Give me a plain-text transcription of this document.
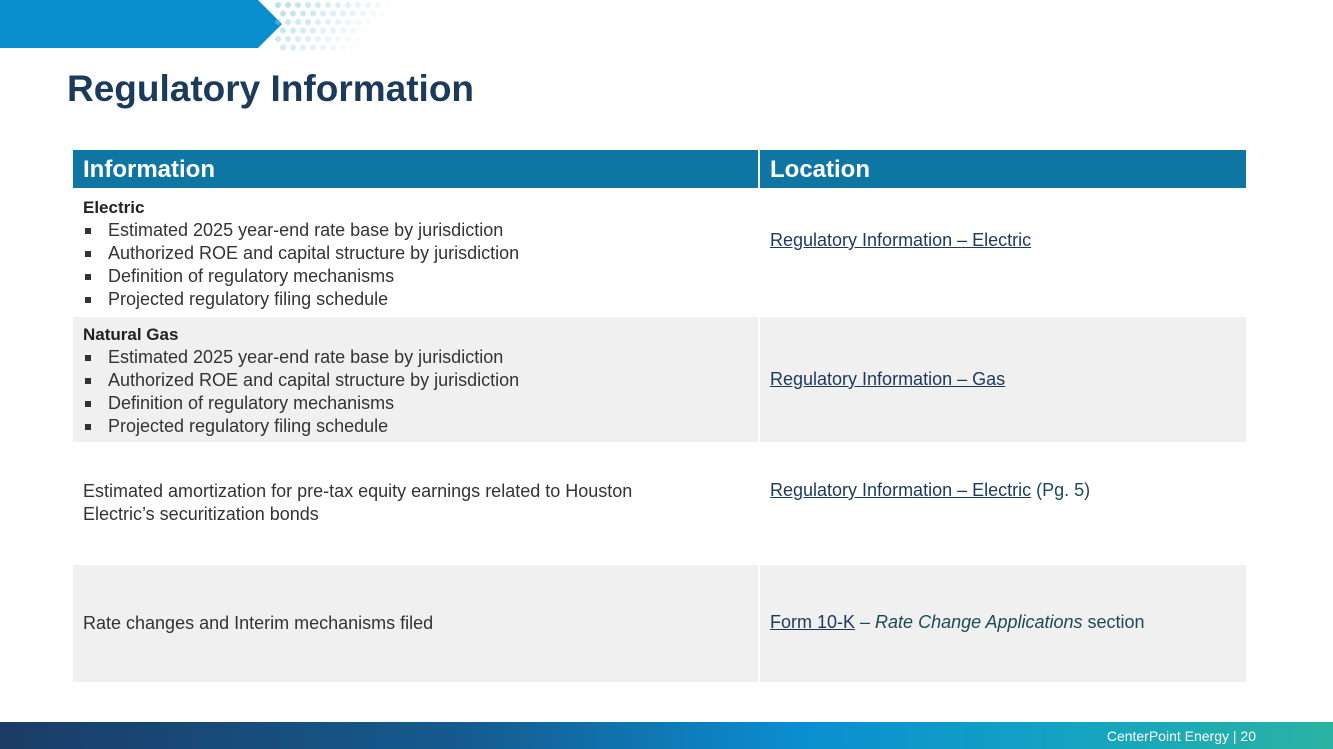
Regulatory Information
Information	Location
Electric
Estimated 2025 year-end rate base by jurisdiction
Authorized ROE and capital structure by jurisdiction
Definition of regulatory mechanisms
Projected regulatory filing schedule
Regulatory Information – Electric
Natural Gas
Estimated 2025 year-end rate base by jurisdiction
Authorized ROE and capital structure by jurisdiction
Definition of regulatory mechanisms
Projected regulatory filing schedule
Regulatory Information – Gas
Estimated amortization for pre-tax equity earnings related to Houston
Electric’s securitization bonds
Regulatory Information – Electric (Pg. 5)
Rate changes and Interim mechanisms filed	Form 10-K – Rate Change Applications section
CenterPoint Energy | 20
